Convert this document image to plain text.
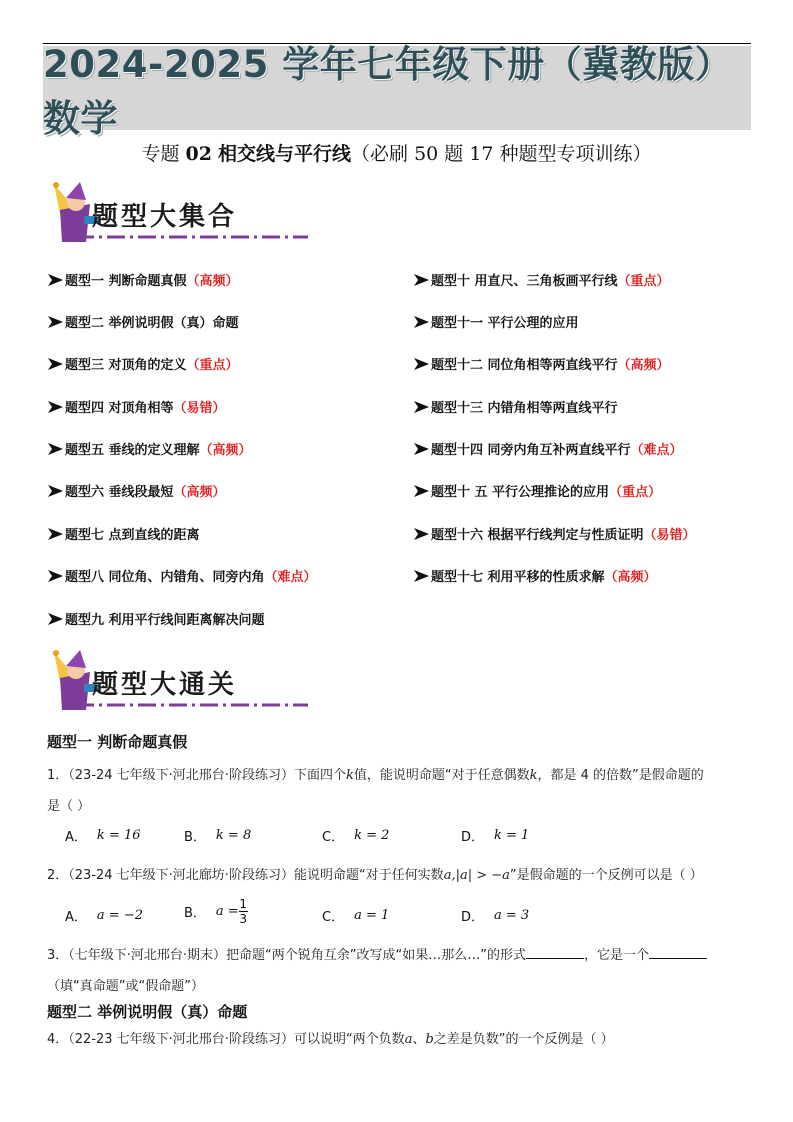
2024-2025 学年七年级下册（冀教版）数学
专题 02 相交线与平行线（必刷 50 题 17 种题型专项训练）
题型大集合
题型一 判断命题真假 （高频）
题型二 举例说明假（真）命题
题型三 对顶角的定义 （重点）
题型四 对顶角相等 （易错）
题型五 垂线的定义理解 （高频）
题型六 垂线段最短 （高频）
题型七 点到直线的距离
题型八 同位角、内错角、同旁内角 （难点）
题型九 利用平行线间距离解决问题
题型十 用直尺、三角板画平行线 （重点）
题型十一 平行公理的应用
题型十二 同位角相等两直线平行 （高频）
题型十三 内错角相等两直线平行
题型十四 同旁内角互补两直线平行 （难点）
题型十 五 平行公理推论的应用 （重点）
题型十六 根据平行线判定与性质证明 （易错）
题型十七 利用平移的性质求解 （高频）
题型大通关
题型一 判断命题真假
1．（23-24 七年级下·河北邢台·阶段练习）下面四个k值，能说明命题“对于任意偶数k，都是 4 的倍数”是假命题的
是（ ）
A． k = 16	B． k = 8	C． k = 2	D． k = 1
2．（23-24 七年级下·河北廊坊·阶段练习）能说明命题“对于任何实数a,|a| > −a”是假命题的一个反例可以是（ ）
A． a = −2	B． $a = \frac{1}{3}$	C． a = 1	D． a = 3
3．（七年级下·河北邢台·期末）把命题“两个锐角互余”改写成“如果…那么…”的形式	，它是一个
（填“真命题”或“假命题”）
题型二 举例说明假（真）命题
4．（22-23 七年级下·河北邢台·阶段练习）可以说明“两个负数a、b之差是负数”的一个反例是（ ）
